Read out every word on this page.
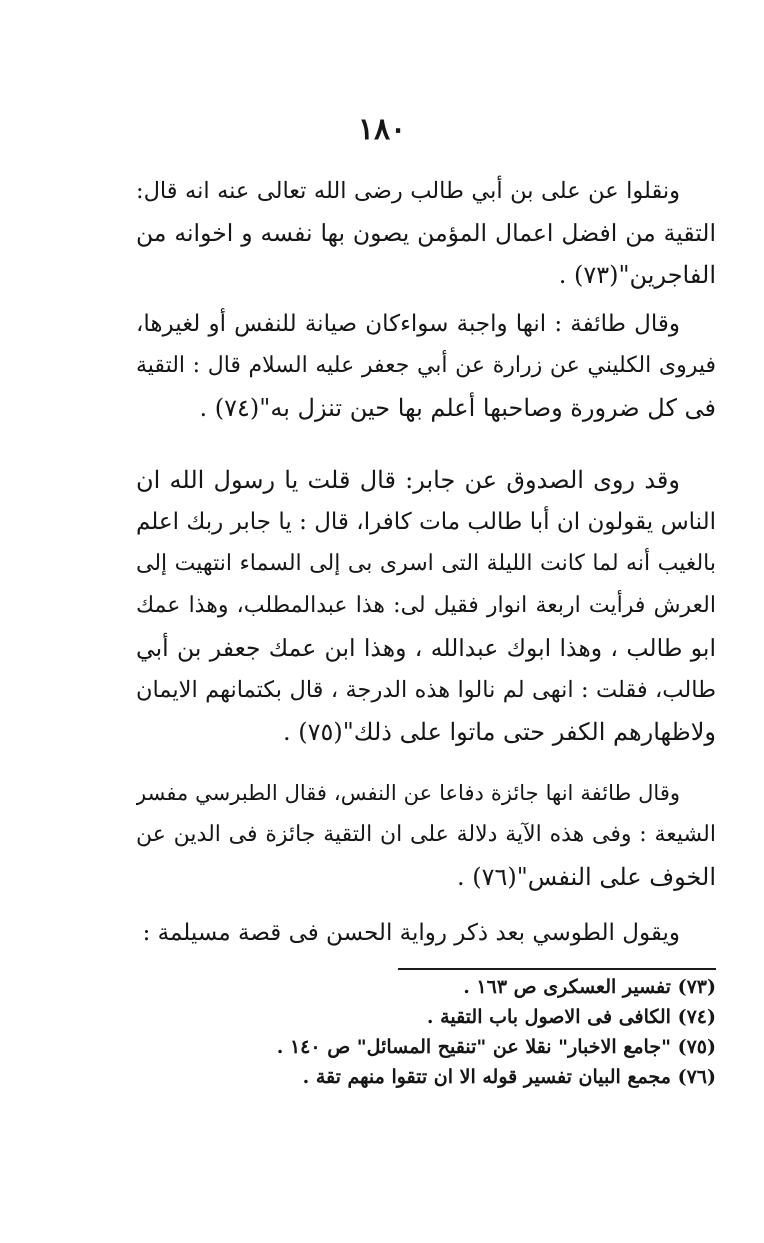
١٨٠
ونقلوا عن على بن أبي طالب رضى الله تعالى عنه انه قال:
التقية من افضل اعمال المؤمن يصون بها نفسه و اخوانه من
الفاجرين"(٧٣) .
وقال طائفة : انها واجبة سواءكان صيانة للنفس أو لغيرها،
فيروى الكليني عن زرارة عن أبي جعفر عليه السلام قال : التقية
فى كل ضرورة وصاحبها أعلم بها حين تنزل به"(٧٤) .
وقد روى الصدوق عن جابر: قال قلت يا رسول الله ان
الناس يقولون ان أبا طالب مات كافرا، قال : يا جابر ربك اعلم
بالغيب أنه لما كانت الليلة التى اسرى بى إلى السماء انتهيت إلى
العرش فرأيت اربعة انوار فقيل لى: هذا عبدالمطلب، وهذا عمك
ابو طالب ، وهذا ابوك عبدالله ، وهذا ابن عمك جعفر بن أبي
طالب، فقلت : انهى لم نالوا هذه الدرجة ، قال بكتمانهم الايمان
ولاظهارهم الكفر حتى ماتوا على ذلك"(٧٥) .
وقال طائفة انها جائزة دفاعا عن النفس، فقال الطبرسي مفسر
الشيعة : وفى هذه الآية دلالة على ان التقية جائزة فى الدين عن
الخوف على النفس"(٧٦) .
ويقول الطوسي بعد ذكر رواية الحسن فى قصة مسيلمة :
(٧٣) تفسير العسكرى ص ١٦٣ .
(٧٤) الكافى فى الاصول باب التقية .
(٧٥) "جامع الاخبار" نقلا عن "تنقيح المسائل" ص ١٤٠ .
(٧٦) مجمع البيان تفسير قوله الا ان تتقوا منهم تقة .
